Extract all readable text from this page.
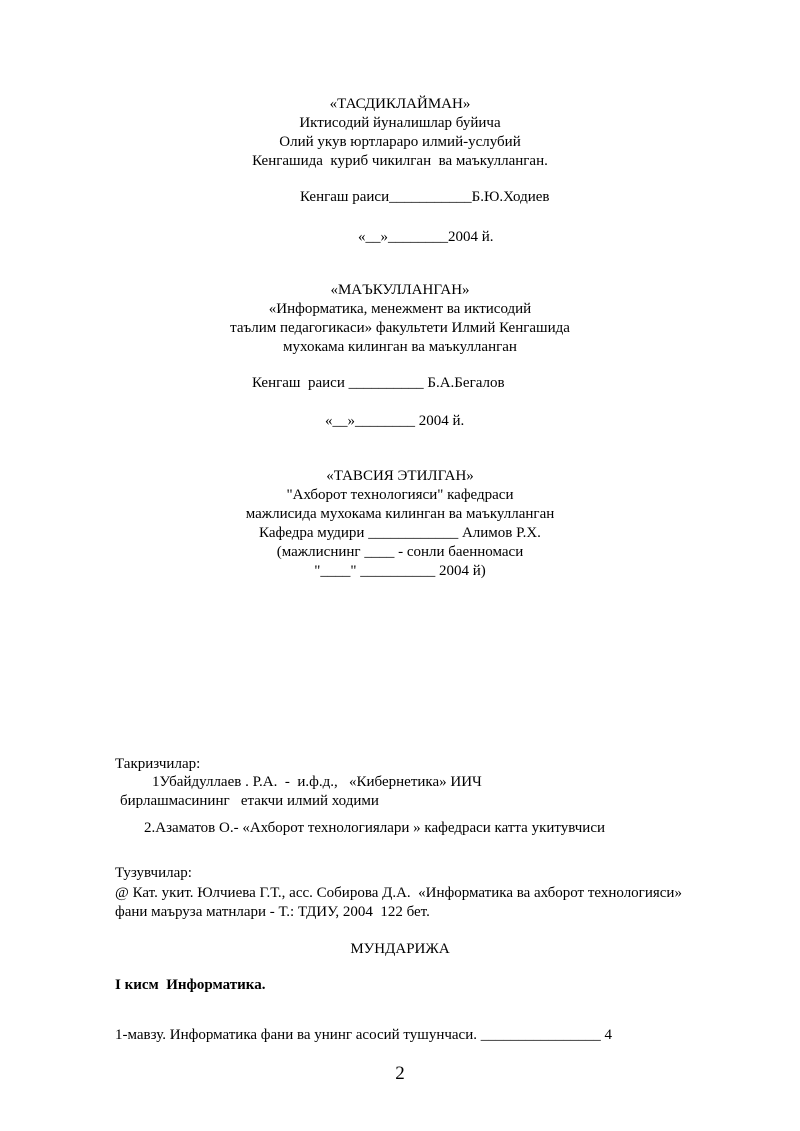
«ТАСДИКЛАЙМАН»
Иктисодий йуналишлар буйича
Олий укув юртлараро илмий-услубий
Кенгашида  куриб чикилган  ва маъкулланган.
Кенгаш раиси___________Б.Ю.Ходиев
«__»________2004 й.
«МАЪКУЛЛАНГАН»
«Информатика, менежмент ва иктисодий
таълим педагогикаси» факультети Илмий Кенгашида
мухокама килинган ва маъкулланган
Кенгаш  раиси __________ Б.А.Бегалов
«__»________ 2004 й.
«ТАВСИЯ ЭТИЛГАН»
"Ахборот технологияси" кафедраси
мажлисида мухокама килинган ва маъкулланган
Кафедра мудири ____________ Алимов Р.Х.
(мажлиснинг ____ - сонли баенномаси
"____" __________ 2004 й)
Такризчилар:
1Убайдуллаев . Р.А.  -  и.ф.д.,   «Кибернетика» ИИЧ
бирлашмасининг   етакчи илмий ходими
2.Азаматов О.- «Ахборот технологиялари » кафедраси катта укитувчиси
Тузувчилар:
@ Кат. укит. Юлчиева Г.Т., асс. Собирова Д.А.  «Информатика ва ахборот технологияси»
фани маъруза матнлари - Т.: ТДИУ, 2004  122 бет.
МУНДАРИЖА
I кисм  Информатика.
1-мавзу. Информатика фани ва унинг асосий тушунчаси. ________________ 4
2
